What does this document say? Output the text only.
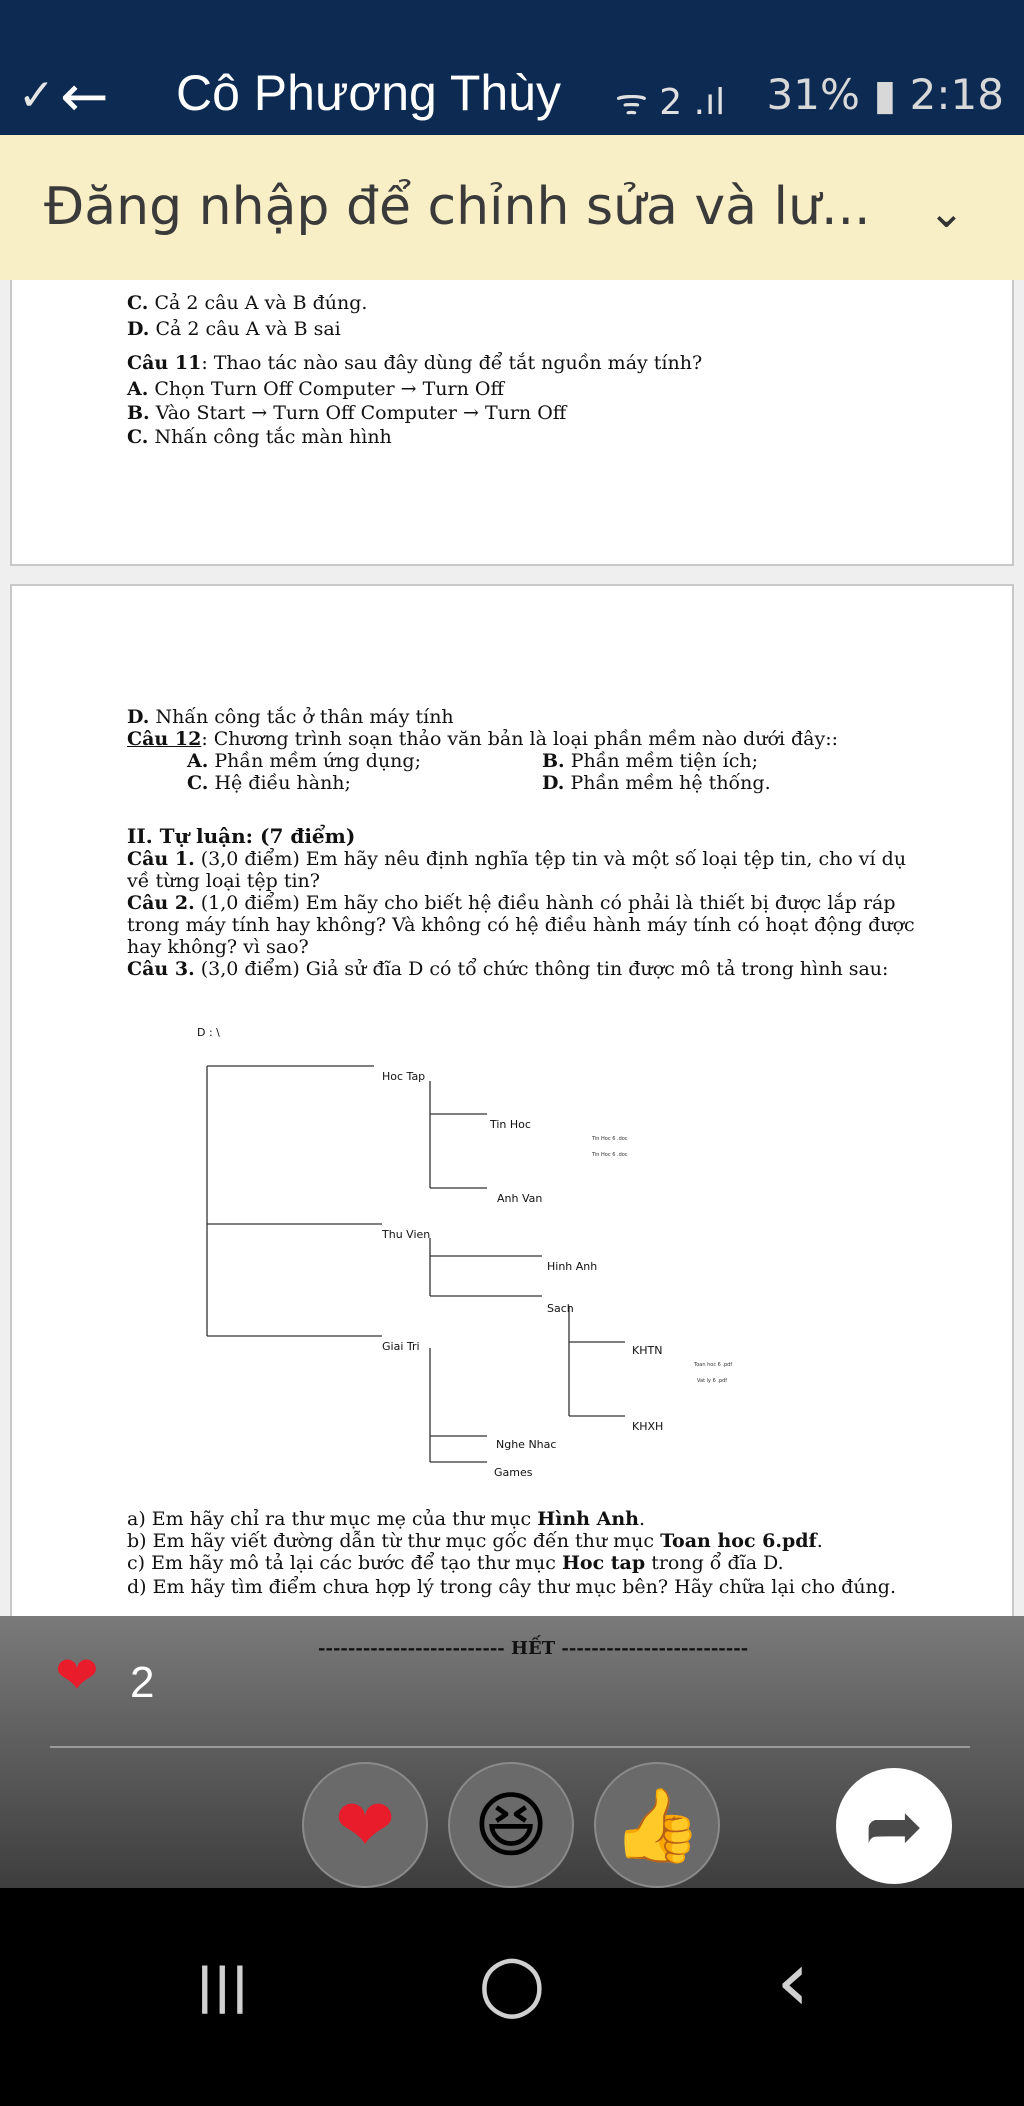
✓ ← Cô Phương Thùy ᯤ 2 .ıl 31% ▮ 2:18
Đăng nhập để chỉnh sửa và lư... ⌄
C. Cả 2 câu A và B đúng.
D. Cả 2 câu A và B sai
Câu 11: Thao tác nào sau đây dùng để tắt nguồn máy tính?
A. Chọn Turn Off Computer → Turn Off
B. Vào Start → Turn Off Computer → Turn Off
C. Nhấn công tắc màn hình
D. Nhấn công tắc ở thân máy tính
Câu 12: Chương trình soạn thảo văn bản là loại phần mềm nào dưới đây::
A. Phần mềm ứng dụng;	B. Phần mềm tiện ích;
C. Hệ điều hành;	D. Phần mềm hệ thống.
II. Tự luận: (7 điểm)
Câu 1. (3,0 điểm) Em hãy nêu định nghĩa tệp tin và một số loại tệp tin, cho ví dụ
về từng loại tệp tin?
Câu 2. (1,0 điểm) Em hãy cho biết hệ điều hành có phải là thiết bị được lắp ráp
trong máy tính hay không? Và không có hệ điều hành máy tính có hoạt động được
hay không? vì sao?
Câu 3. (3,0 điểm) Giả sử đĩa D có tổ chức thông tin được mô tả trong hình sau:
D : \
Hoc Tap
Tin Hoc
Tin Hoc 6 .doc
Tin Hoc 6 .doc
Anh Van
Thu Vien
Hinh Anh
Sach
Giai Tri	KHTN
Toan hoc 6 .pdf
Vat ly 6 .pdf
KHXH
Nghe Nhac
Games
a) Em hãy chỉ ra thư mục mẹ của thư mục Hình Anh.
b) Em hãy viết đường dẫn từ thư mục gốc đến thư mục Toan hoc 6.pdf.
c) Em hãy mô tả lại các bước để tạo thư mục Hoc tap trong ổ đĩa D.
d) Em hãy tìm điểm chưa hợp lý trong cây thư mục bên? Hãy chữa lại cho đúng.
------------------------- HẾT -------------------------
❤ 2
❤	😆 👍	➦
|||	○	‹
